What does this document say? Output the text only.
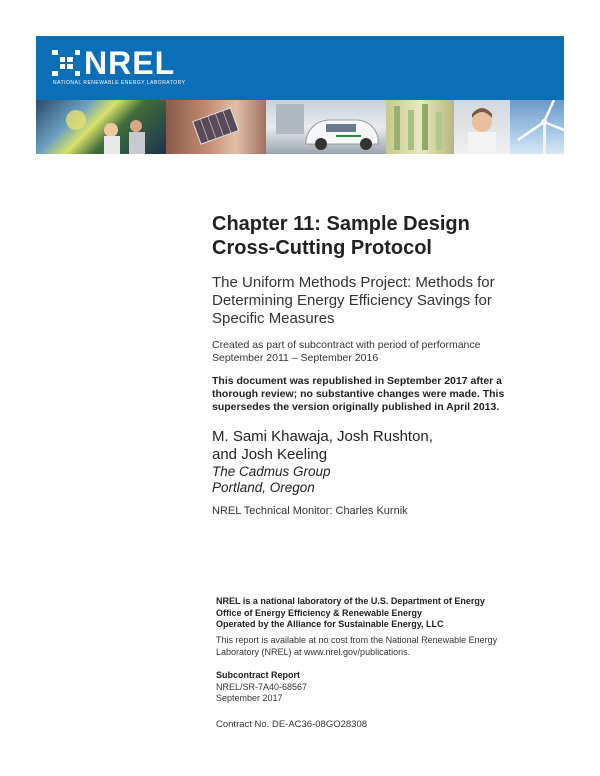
NREL
NATIONAL RENEWABLE ENERGY LABORATORY
Chapter 11: Sample Design
Cross-Cutting Protocol
The Uniform Methods Project: Methods for
Determining Energy Efficiency Savings for
Specific Measures
Created as part of subcontract with period of performance
September 2011 – September 2016
This document was republished in September 2017 after a
thorough review; no substantive changes were made. This
supersedes the version originally published in April 2013.
M. Sami Khawaja, Josh Rushton,
and Josh Keeling
The Cadmus Group
Portland, Oregon
NREL Technical Monitor: Charles Kurnik
NREL is a national laboratory of the U.S. Department of Energy
Office of Energy Efficiency & Renewable Energy
Operated by the Alliance for Sustainable Energy, LLC
This report is available at no cost from the National Renewable Energy
Laboratory (NREL) at www.nrel.gov/publications.
Subcontract Report
NREL/SR-7A40-68567
September 2017
Contract No. DE-AC36-08GO28308
